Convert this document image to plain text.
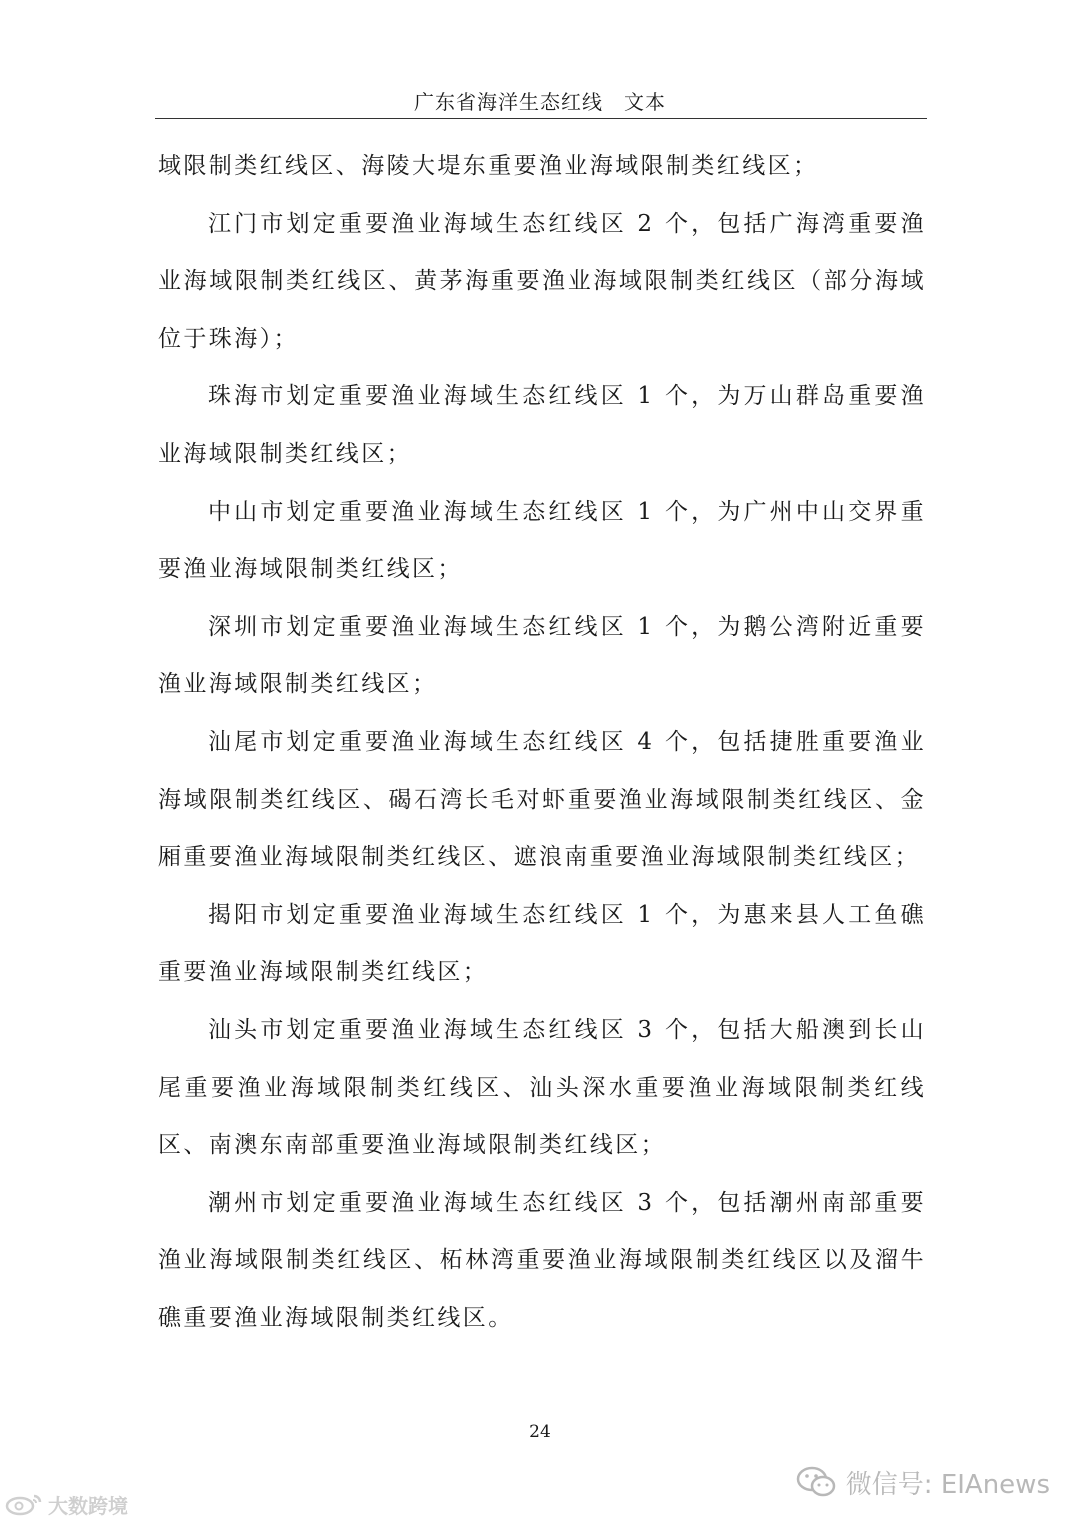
广东省海洋生态红线　文本

域限制类红线区、海陵大堤东重要渔业海域限制类红线区；

江门市划定重要渔业海域生态红线区 2 个，包括广海湾重要渔业海域限制类红线区、黄茅海重要渔业海域限制类红线区（部分海域位于珠海）；

珠海市划定重要渔业海域生态红线区 1 个，为万山群岛重要渔业海域限制类红线区；

中山市划定重要渔业海域生态红线区 1 个，为广州中山交界重要渔业海域限制类红线区；

深圳市划定重要渔业海域生态红线区 1 个，为鹅公湾附近重要渔业海域限制类红线区；

汕尾市划定重要渔业海域生态红线区 4 个，包括捷胜重要渔业海域限制类红线区、碣石湾长毛对虾重要渔业海域限制类红线区、金厢重要渔业海域限制类红线区、遮浪南重要渔业海域限制类红线区；

揭阳市划定重要渔业海域生态红线区 1 个，为惠来县人工鱼礁重要渔业海域限制类红线区；

汕头市划定重要渔业海域生态红线区 3 个，包括大船澳到长山尾重要渔业海域限制类红线区、汕头深水重要渔业海域限制类红线区、南澳东南部重要渔业海域限制类红线区；

潮州市划定重要渔业海域生态红线区 3 个，包括潮州南部重要渔业海域限制类红线区、柘林湾重要渔业海域限制类红线区以及溜牛礁重要渔业海域限制类红线区。

24
大数跨境
微信号: EIAnews
